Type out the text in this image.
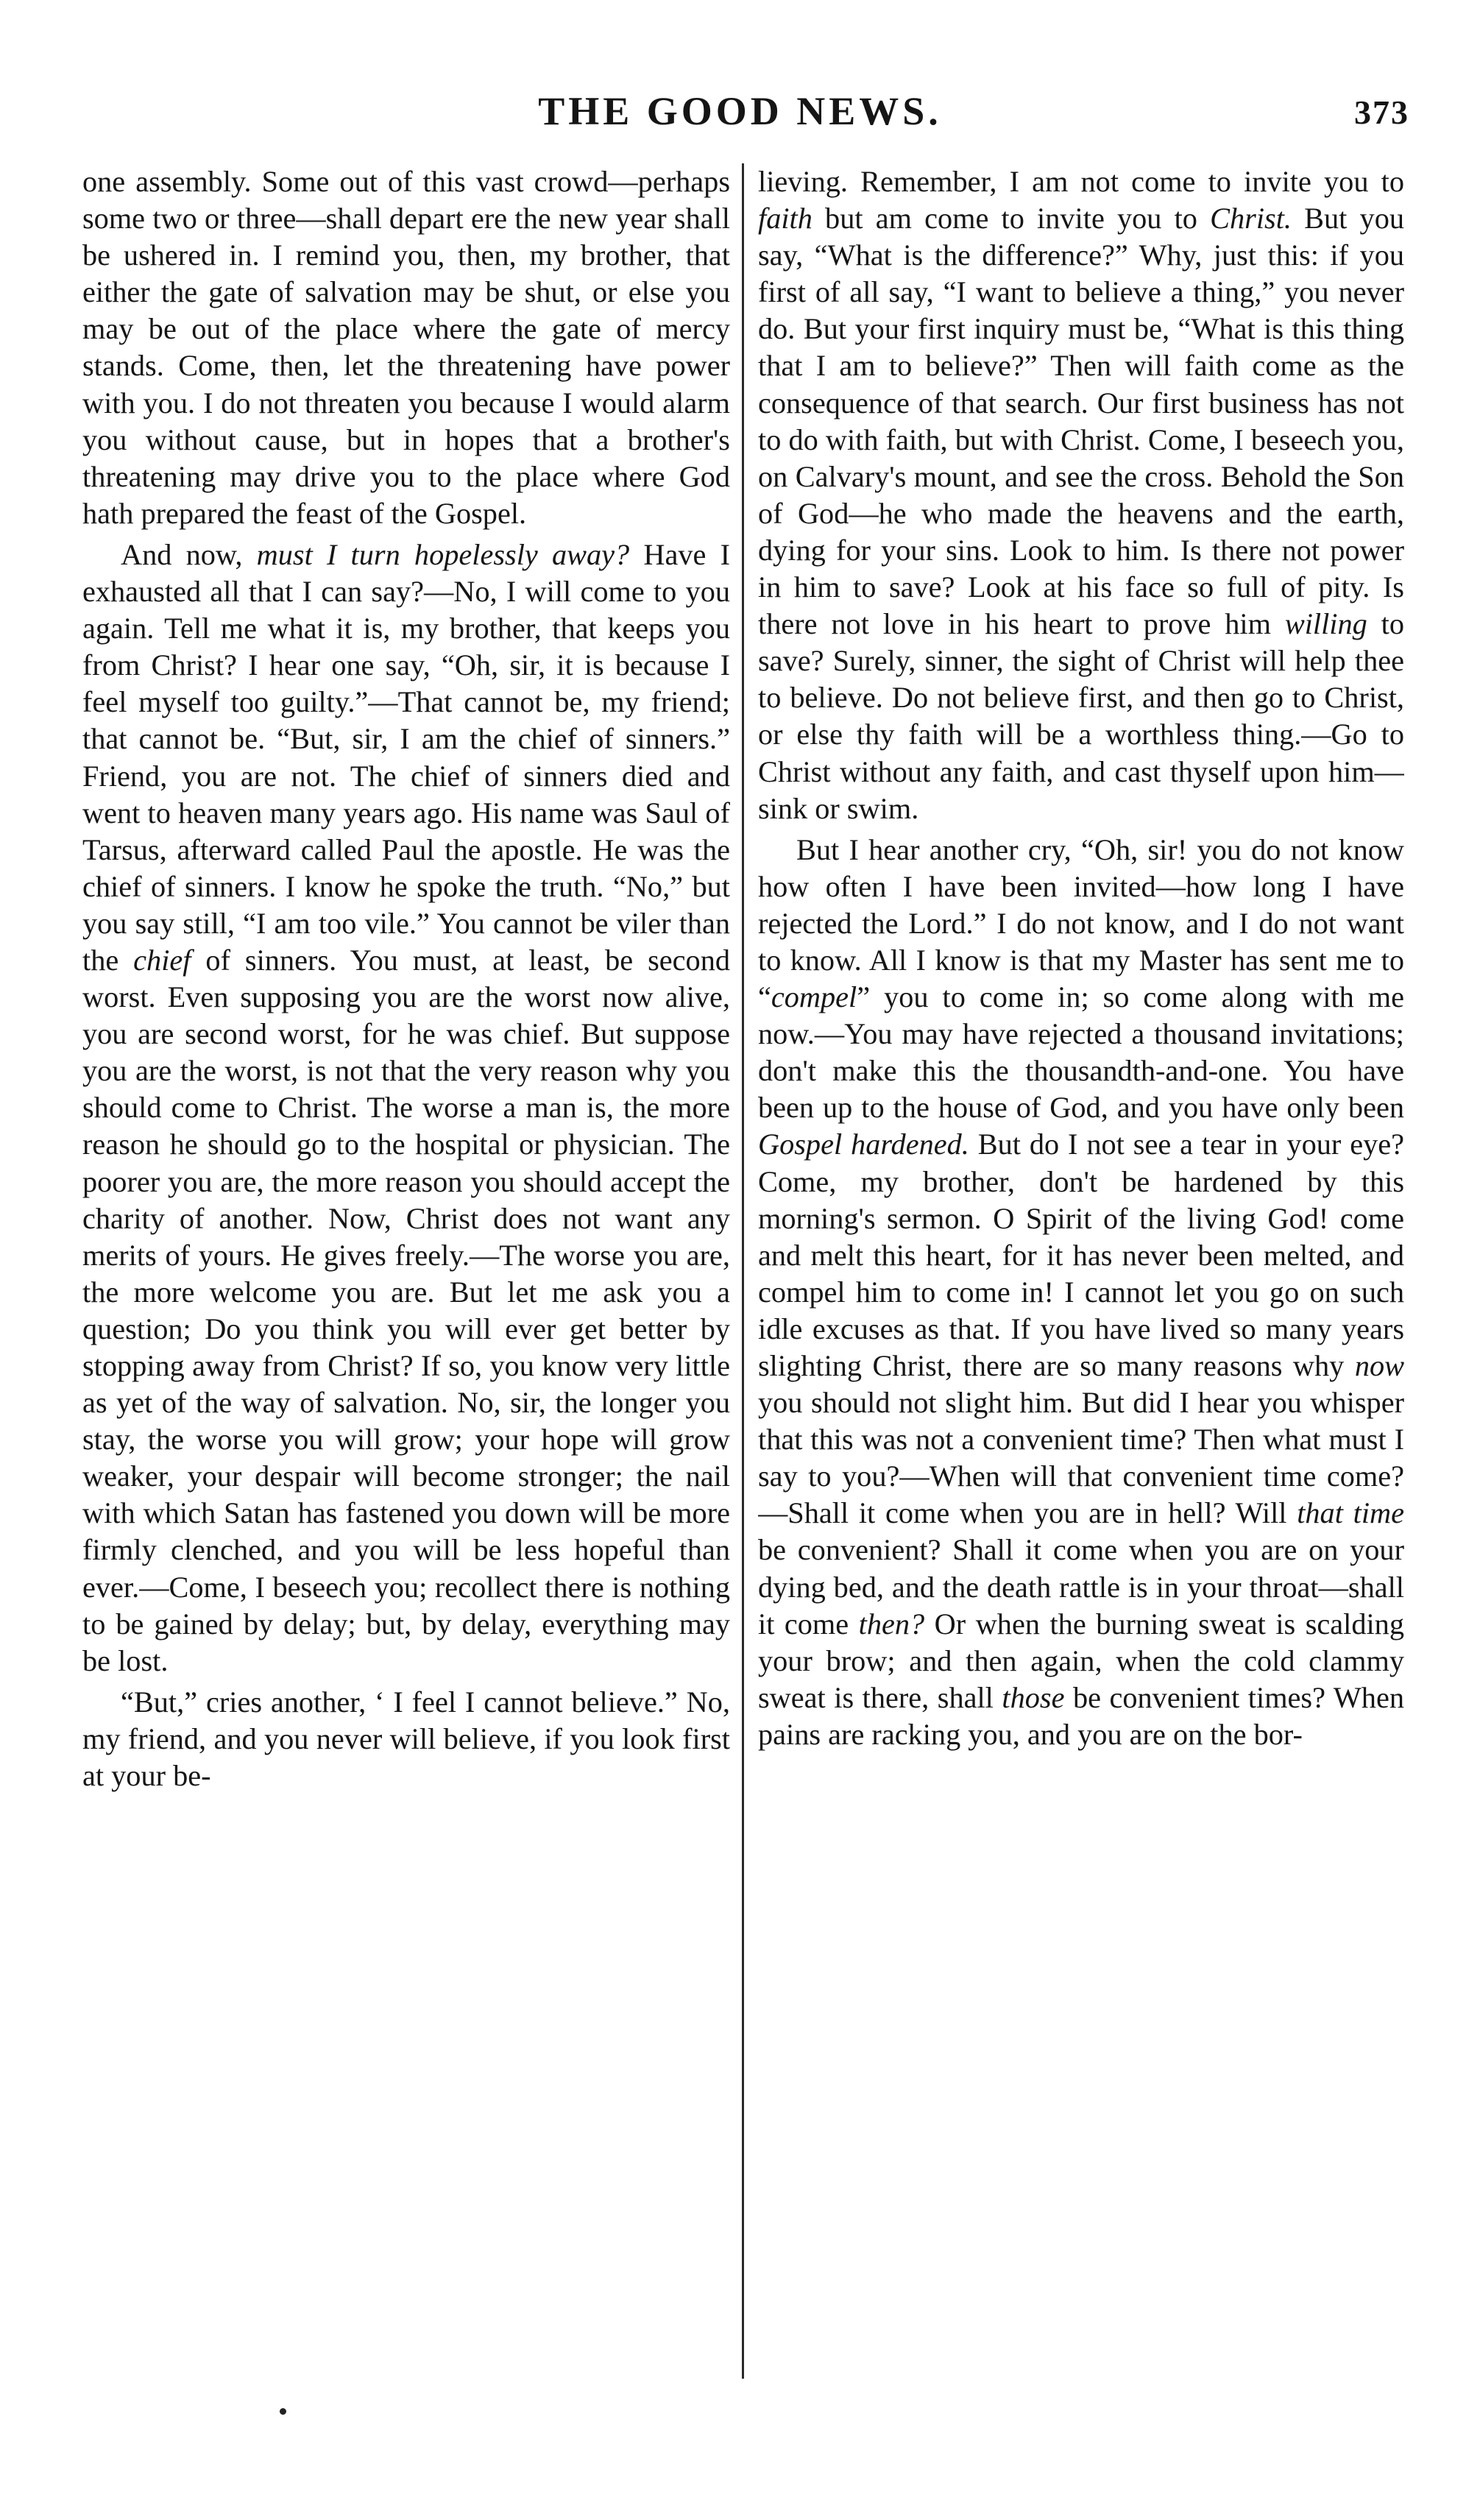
THE GOOD NEWS.	373

one assembly. Some out of this vast crowd—perhaps some two or three—shall depart ere the new year shall be ushered in. I remind you, then, my brother, that either the gate of salvation may be shut, or else you may be out of the place where the gate of mercy stands. Come, then, let the threatening have power with you. I do not threaten you because I would alarm you without cause, but in hopes that a brother's threatening may drive you to the place where God hath prepared the feast of the Gospel.

And now, must I turn hopelessly away? Have I exhausted all that I can say?—No, I will come to you again. Tell me what it is, my brother, that keeps you from Christ? I hear one say, “Oh, sir, it is because I feel myself too guilty.”—That cannot be, my friend; that cannot be. “But, sir, I am the chief of sinners.” Friend, you are not. The chief of sinners died and went to heaven many years ago. His name was Saul of Tarsus, afterward called Paul the apostle. He was the chief of sinners. I know he spoke the truth. “No,” but you say still, “I am too vile.” You cannot be viler than the chief of sinners. You must, at least, be second worst. Even supposing you are the worst now alive, you are second worst, for he was chief. But suppose you are the worst, is not that the very reason why you should come to Christ. The worse a man is, the more reason he should go to the hospital or physician. The poorer you are, the more reason you should accept the charity of another. Now, Christ does not want any merits of yours. He gives freely.—The worse you are, the more welcome you are. But let me ask you a question; Do you think you will ever get better by stopping away from Christ? If so, you know very little as yet of the way of salvation. No, sir, the longer you stay, the worse you will grow; your hope will grow weaker, your despair will become stronger; the nail with which Satan has fastened you down will be more firmly clenched, and you will be less hopeful than ever.—Come, I beseech you; recollect there is nothing to be gained by delay; but, by delay, everything may be lost.

“But,” cries another, ‘ I feel I cannot believe.” No, my friend, and you never will believe, if you look first at your be-

lieving. Remember, I am not come to invite you to faith but am come to invite you to Christ. But you say, “What is the difference?” Why, just this: if you first of all say, “I want to believe a thing,” you never do. But your first inquiry must be, “What is this thing that I am to believe?” Then will faith come as the consequence of that search. Our first business has not to do with faith, but with Christ. Come, I beseech you, on Calvary's mount, and see the cross. Behold the Son of God—he who made the heavens and the earth, dying for your sins. Look to him. Is there not power in him to save? Look at his face so full of pity. Is there not love in his heart to prove him willing to save? Surely, sinner, the sight of Christ will help thee to believe. Do not believe first, and then go to Christ, or else thy faith will be a worthless thing.—Go to Christ without any faith, and cast thyself upon him—sink or swim.

But I hear another cry, “Oh, sir! you do not know how often I have been invited—how long I have rejected the Lord.” I do not know, and I do not want to know. All I know is that my Master has sent me to “compel” you to come in; so come along with me now.—You may have rejected a thousand invitations; don't make this the thousandth-and-one. You have been up to the house of God, and you have only been Gospel hardened. But do I not see a tear in your eye? Come, my brother, don't be hardened by this morning's sermon. O Spirit of the living God! come and melt this heart, for it has never been melted, and compel him to come in! I cannot let you go on such idle excuses as that. If you have lived so many years slighting Christ, there are so many reasons why now you should not slight him. But did I hear you whisper that this was not a convenient time? Then what must I say to you?—When will that convenient time come?—Shall it come when you are in hell? Will that time be convenient? Shall it come when you are on your dying bed, and the death rattle is in your throat—shall it come then? Or when the burning sweat is scalding your brow; and then again, when the cold clammy sweat is there, shall those be convenient times? When pains are racking you, and you are on the bor-
